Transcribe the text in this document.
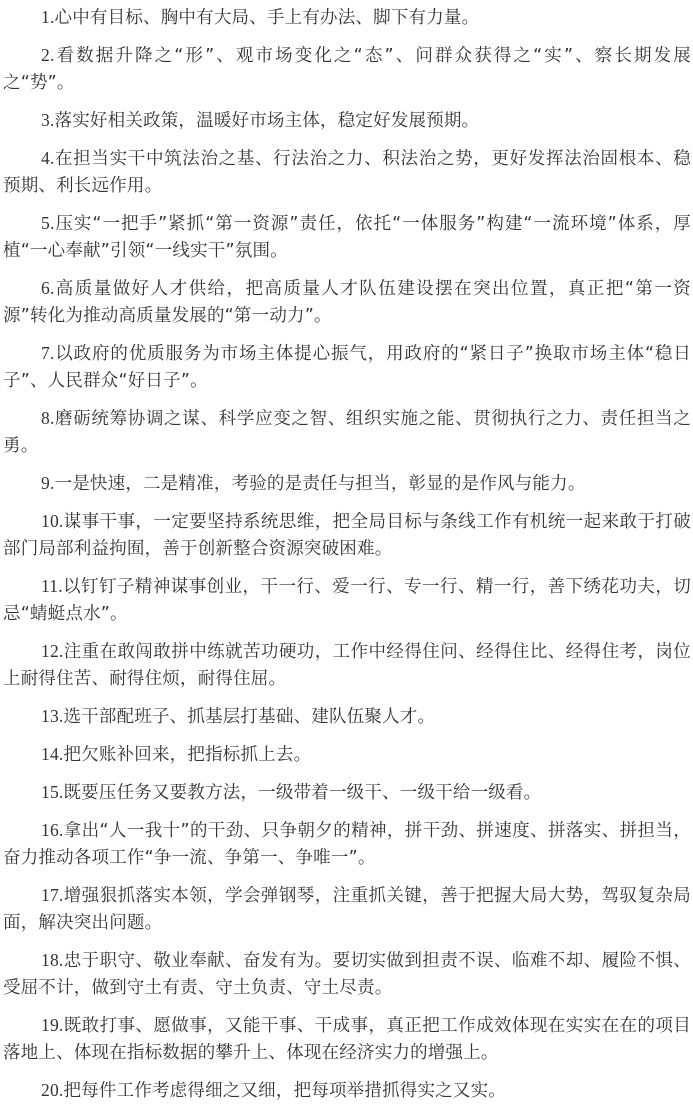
1.心中有目标、胸中有大局、手上有办法、脚下有力量。

2.看数据升降之“形”、观市场变化之“态”、问群众获得之“实”、察长期发展之“势”。

3.落实好相关政策，温暖好市场主体，稳定好发展预期。

4.在担当实干中筑法治之基、行法治之力、积法治之势，更好发挥法治固根本、稳预期、利长远作用。

5.压实“一把手”紧抓“第一资源”责任，依托“一体服务”构建“一流环境”体系，厚植“一心奉献”引领“一线实干”氛围。

6.高质量做好人才供给，把高质量人才队伍建设摆在突出位置，真正把“第一资源”转化为推动高质量发展的“第一动力”。

7.以政府的优质服务为市场主体提心振气，用政府的“紧日子”换取市场主体“稳日子”、人民群众“好日子”。

8.磨砺统筹协调之谋、科学应变之智、组织实施之能、贯彻执行之力、责任担当之勇。

9.一是快速，二是精准，考验的是责任与担当，彰显的是作风与能力。

10.谋事干事，一定要坚持系统思维，把全局目标与条线工作有机统一起来敢于打破部门局部利益拘囿，善于创新整合资源突破困难。

11.以钉钉子精神谋事创业，干一行、爱一行、专一行、精一行，善下绣花功夫，切忌“蜻蜓点水”。

12.注重在敢闯敢拼中练就苦功硬功，工作中经得住问、经得住比、经得住考，岗位上耐得住苦、耐得住烦，耐得住屈。

13.选干部配班子、抓基层打基础、建队伍聚人才。

14.把欠账补回来，把指标抓上去。

15.既要压任务又要教方法，一级带着一级干、一级干给一级看。

16.拿出“人一我十”的干劲、只争朝夕的精神，拼干劲、拼速度、拼落实、拼担当，奋力推动各项工作“争一流、争第一、争唯一”。

17.增强狠抓落实本领，学会弹钢琴，注重抓关键，善于把握大局大势，驾驭复杂局面，解决突出问题。

18.忠于职守、敬业奉献、奋发有为。要切实做到担责不误、临难不却、履险不惧、受屈不计，做到守土有责、守土负责、守土尽责。

19.既敢打事、愿做事，又能干事、干成事，真正把工作成效体现在实实在在的项目落地上、体现在指标数据的攀升上、体现在经济实力的增强上。

20.把每件工作考虑得细之又细，把每项举措抓得实之又实。
